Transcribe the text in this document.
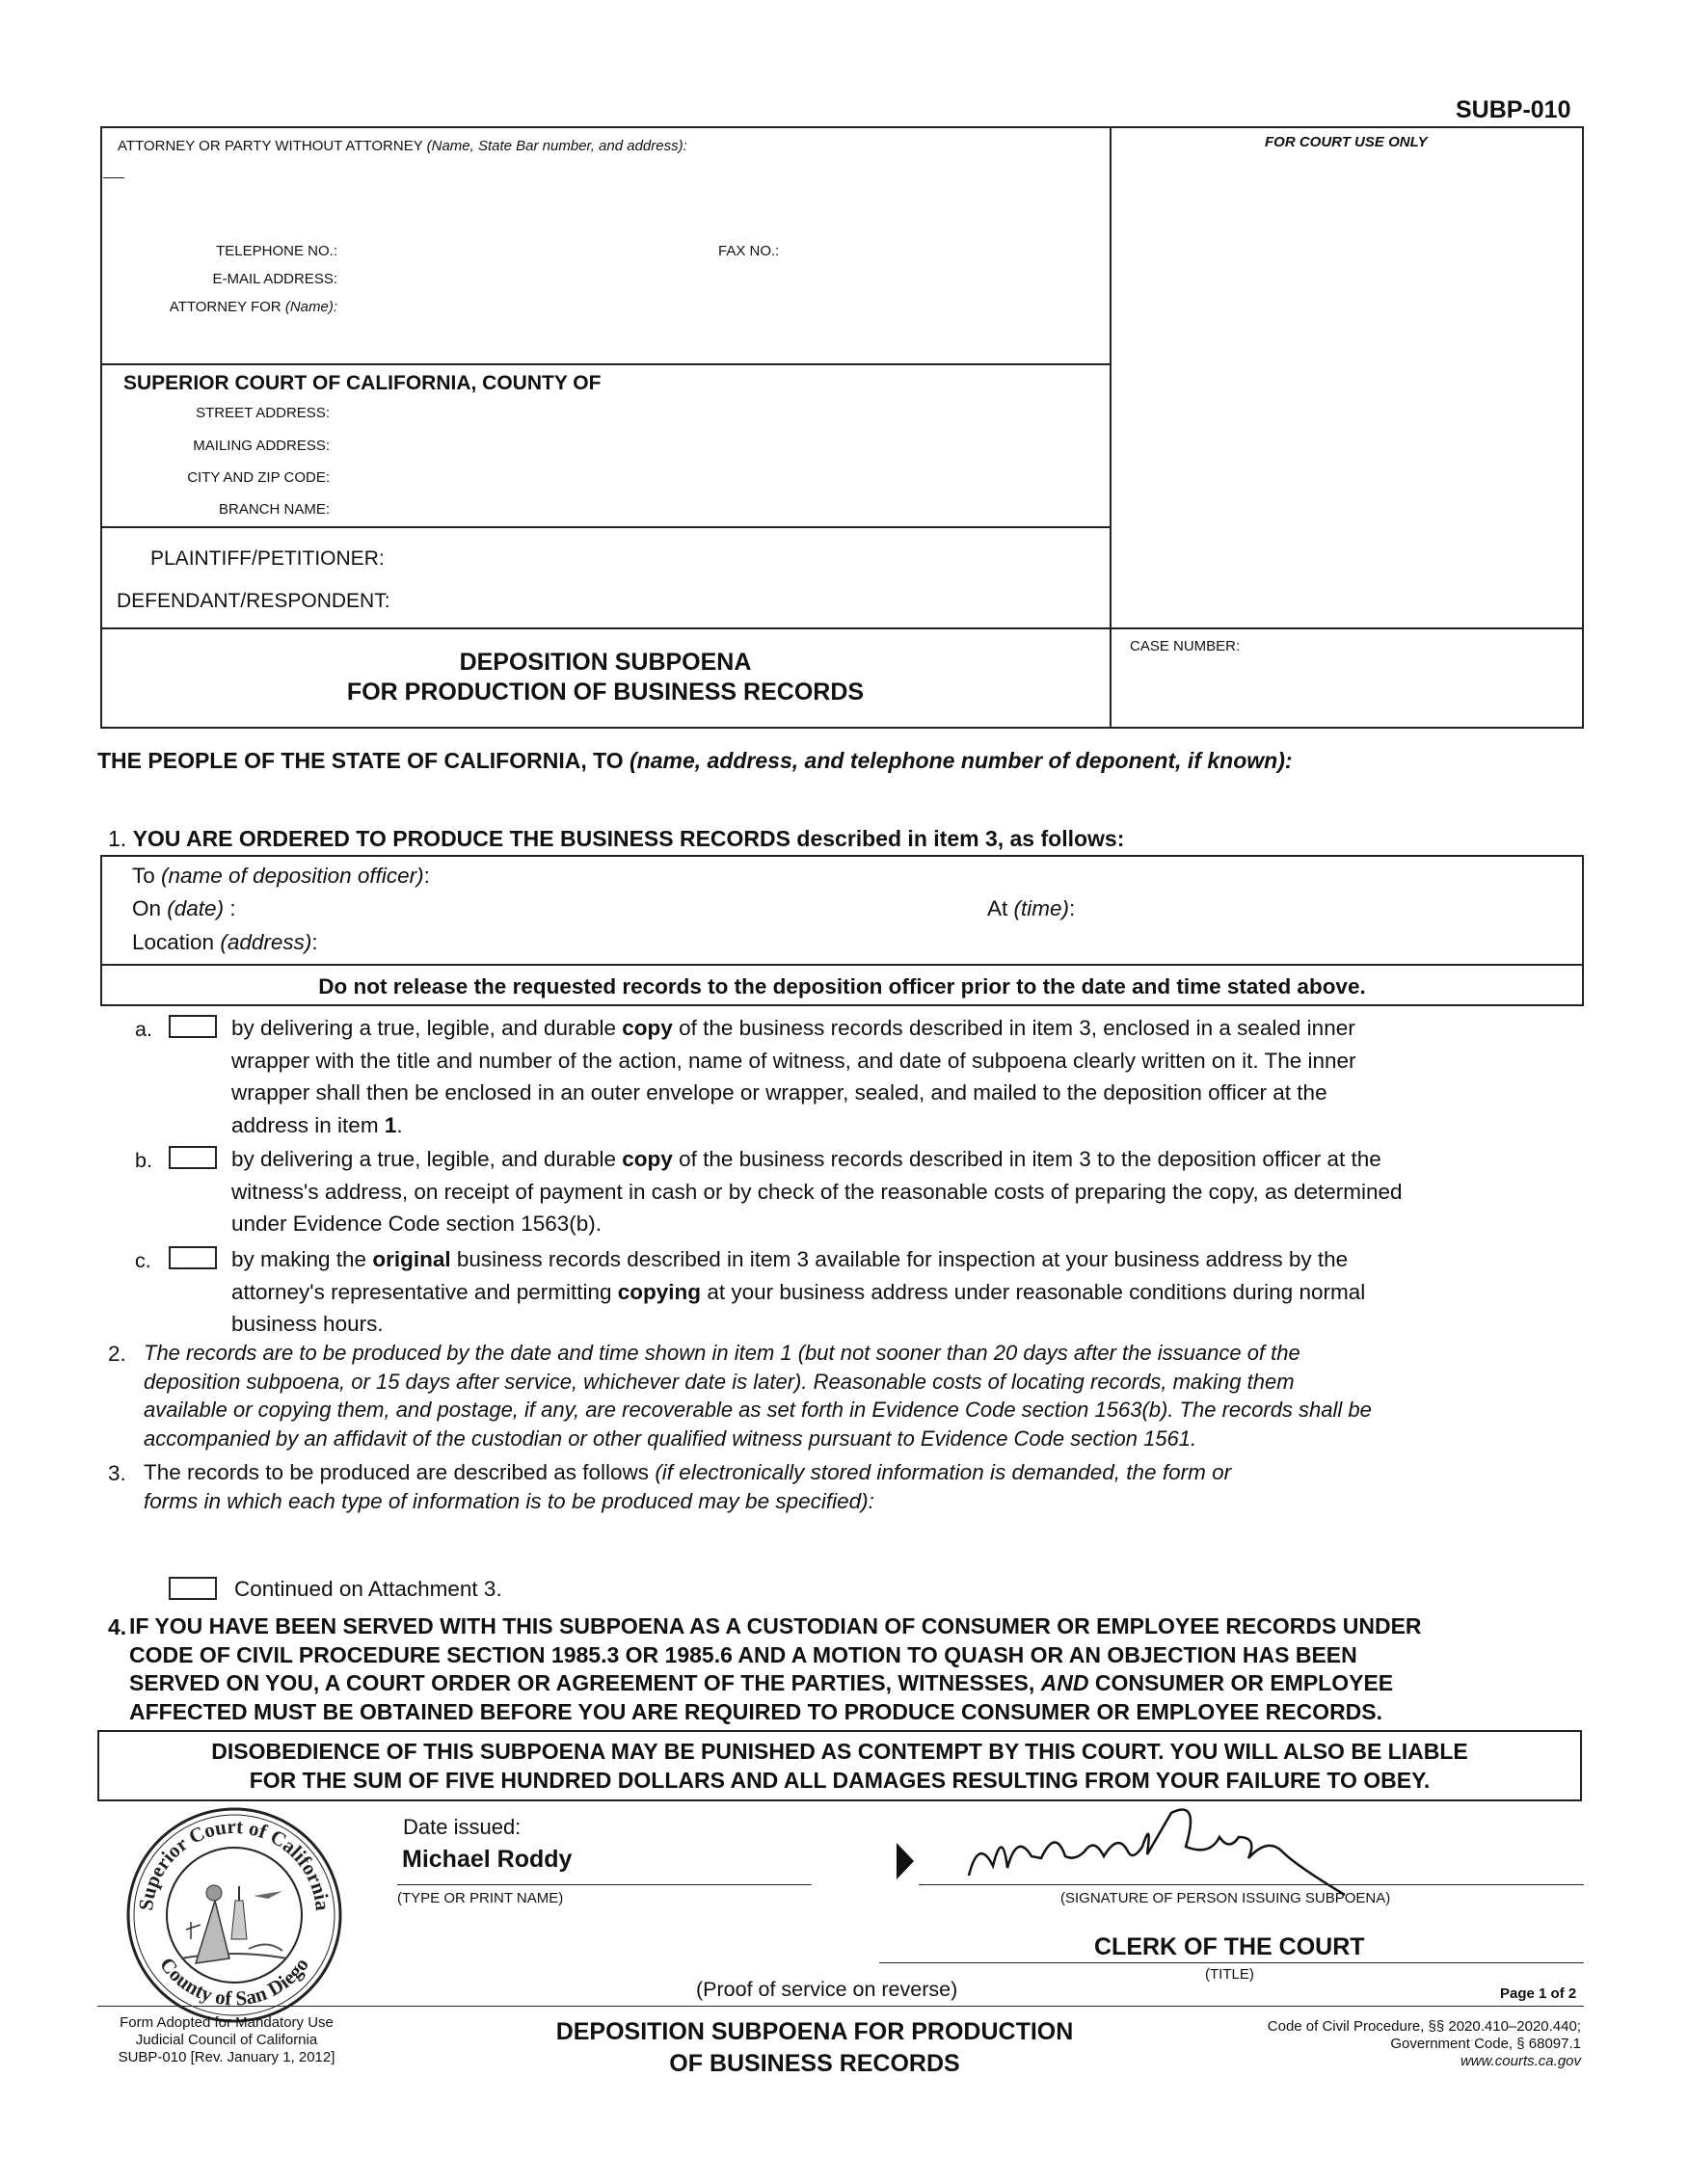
SUBP-010
ATTORNEY OR PARTY WITHOUT ATTORNEY (Name, State Bar number, and address):	FOR COURT USE ONLY
TELEPHONE NO.:	FAX NO.:
E-MAIL ADDRESS:
ATTORNEY FOR (Name):
SUPERIOR COURT OF CALIFORNIA, COUNTY OF
STREET ADDRESS:
MAILING ADDRESS:
CITY AND ZIP CODE:
BRANCH NAME:
PLAINTIFF/PETITIONER:
DEFENDANT/RESPONDENT:
DEPOSITION SUBPOENA
FOR PRODUCTION OF BUSINESS RECORDS
CASE NUMBER:
THE PEOPLE OF THE STATE OF CALIFORNIA, TO (name, address, and telephone number of deponent, if known):
1. YOU ARE ORDERED TO PRODUCE THE BUSINESS RECORDS described in item 3, as follows:
To (name of deposition officer):
On (date) :	At (time):
Location (address):
Do not release the requested records to the deposition officer prior to the date and time stated above.
a.	by delivering a true, legible, and durable copy of the business records described in item 3, enclosed in a sealed inner
wrapper with the title and number of the action, name of witness, and date of subpoena clearly written on it. The inner
wrapper shall then be enclosed in an outer envelope or wrapper, sealed, and mailed to the deposition officer at the
address in item 1.
b.	by delivering a true, legible, and durable copy of the business records described in item 3 to the deposition officer at the
witness's address, on receipt of payment in cash or by check of the reasonable costs of preparing the copy, as determined
under Evidence Code section 1563(b).
c.	by making the original business records described in item 3 available for inspection at your business address by the
attorney's representative and permitting copying at your business address under reasonable conditions during normal
business hours.
2. The records are to be produced by the date and time shown in item 1 (but not sooner than 20 days after the issuance of the
deposition subpoena, or 15 days after service, whichever date is later). Reasonable costs of locating records, making them
available or copying them, and postage, if any, are recoverable as set forth in Evidence Code section 1563(b). The records shall be
accompanied by an affidavit of the custodian or other qualified witness pursuant to Evidence Code section 1561.
3. The records to be produced are described as follows (if electronically stored information is demanded, the form or
forms in which each type of information is to be produced may be specified):
Continued on Attachment 3.
4. IF YOU HAVE BEEN SERVED WITH THIS SUBPOENA AS A CUSTODIAN OF CONSUMER OR EMPLOYEE RECORDS UNDER
CODE OF CIVIL PROCEDURE SECTION 1985.3 OR 1985.6 AND A MOTION TO QUASH OR AN OBJECTION HAS BEEN
SERVED ON YOU, A COURT ORDER OR AGREEMENT OF THE PARTIES, WITNESSES, AND CONSUMER OR EMPLOYEE
AFFECTED MUST BE OBTAINED BEFORE YOU ARE REQUIRED TO PRODUCE CONSUMER OR EMPLOYEE RECORDS.
DISOBEDIENCE OF THIS SUBPOENA MAY BE PUNISHED AS CONTEMPT BY THIS COURT. YOU WILL ALSO BE LIABLE
FOR THE SUM OF FIVE HUNDRED DOLLARS AND ALL DAMAGES RESULTING FROM YOUR FAILURE TO OBEY.
Superior Court of California
County of San Diego
Date issued:
Michael Roddy
(TYPE OR PRINT NAME)	(SIGNATURE OF PERSON ISSUING SUBPOENA)
CLERK OF THE COURT
(TITLE)
(Proof of service on reverse)	Page 1 of 2
Form Adopted for Mandatory Use
Judicial Council of California
SUBP-010 [Rev. January 1, 2012]
DEPOSITION SUBPOENA FOR PRODUCTION
OF BUSINESS RECORDS
Code of Civil Procedure, §§ 2020.410–2020.440;
Government Code, § 68097.1
www.courts.ca.gov
